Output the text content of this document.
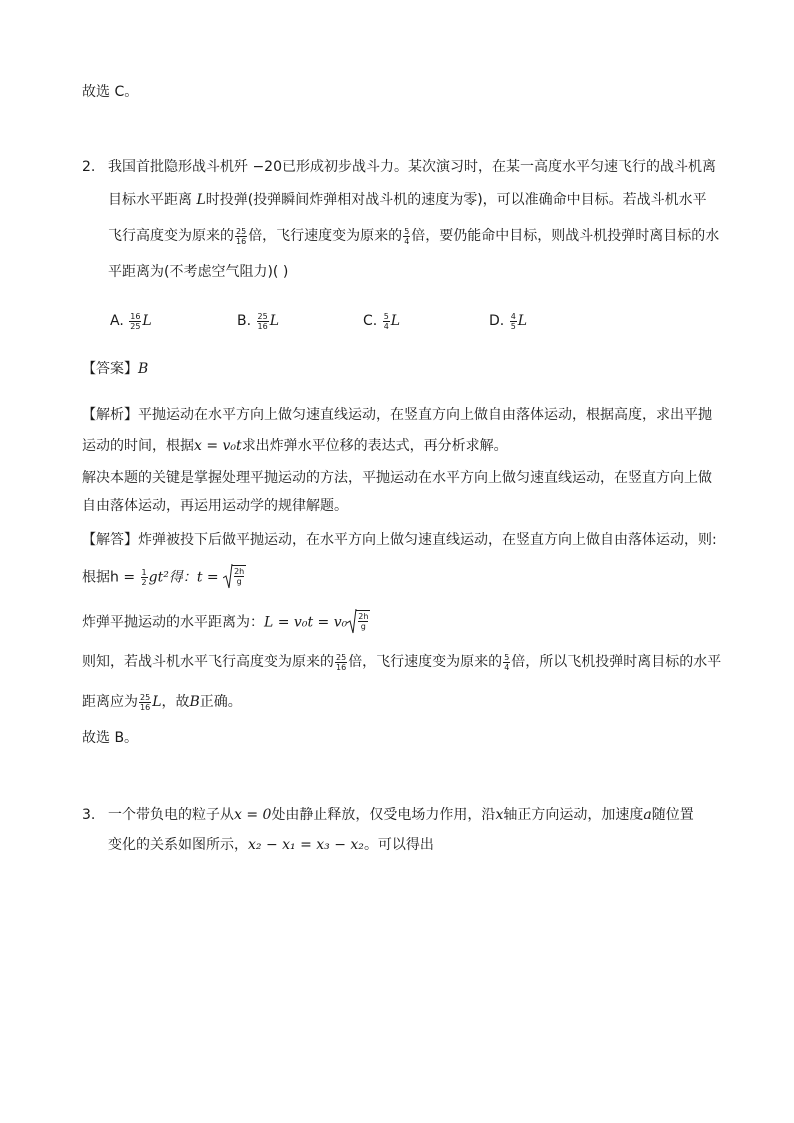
故选 C。
2. 我国首批隐形战斗机歼 −20已形成初步战斗力。某次演习时，在某一高度水平匀速飞行的战斗机离
目标水平距离 L时投弹(投弹瞬间炸弹相对战斗机的速度为零)，可以准确命中目标。若战斗机水平
飞行高度变为原来的 $\frac{25}{16}$ 倍，飞行速度变为原来的 $\frac{5}{4}$ 倍，要仍能命中目标，则战斗机投弹时离目标的水
平距离为(不考虑空气阻力)( )
A. $\frac{16}{25}$ L	B. $\frac{25}{16}$ L	C. $\frac{5}{4}$ L	D. $\frac{4}{5}$ L
【答案】B
【解析】平抛运动在水平方向上做匀速直线运动，在竖直方向上做自由落体运动，根据高度，求出平抛
运动的时间，根据x = v₀t求出炸弹水平位移的表达式，再分析求解。
解决本题的关键是掌握处理平抛运动的方法，平抛运动在水平方向上做匀速直线运动，在竖直方向上做
自由落体运动，再运用运动学的规律解题。
【解答】炸弹被投下后做平抛运动，在水平方向上做匀速直线运动，在竖直方向上做自由落体运动，则:
根据$h = \frac{1}{2} gt^2$得：$t = \frac{2h}{g}$
炸弹平抛运动的水平距离为：$L = v_0t = v_0 \frac{2h}{g}$
则知，若战斗机水平飞行高度变为原来的 $\frac{25}{16}$ 倍，飞行速度变为原来的 $\frac{5}{4}$ 倍，所以飞机投弹时离目标的水平
距离应为 $\frac{25}{16}$ L，故B正确。
故选 B。
3. 一个带负电的粒子从x = 0处由静止释放，仅受电场力作用，沿x轴正方向运动，加速度a随位置
变化的关系如图所示，x₂ − x₁ = x₃ − x₂。可以得出
